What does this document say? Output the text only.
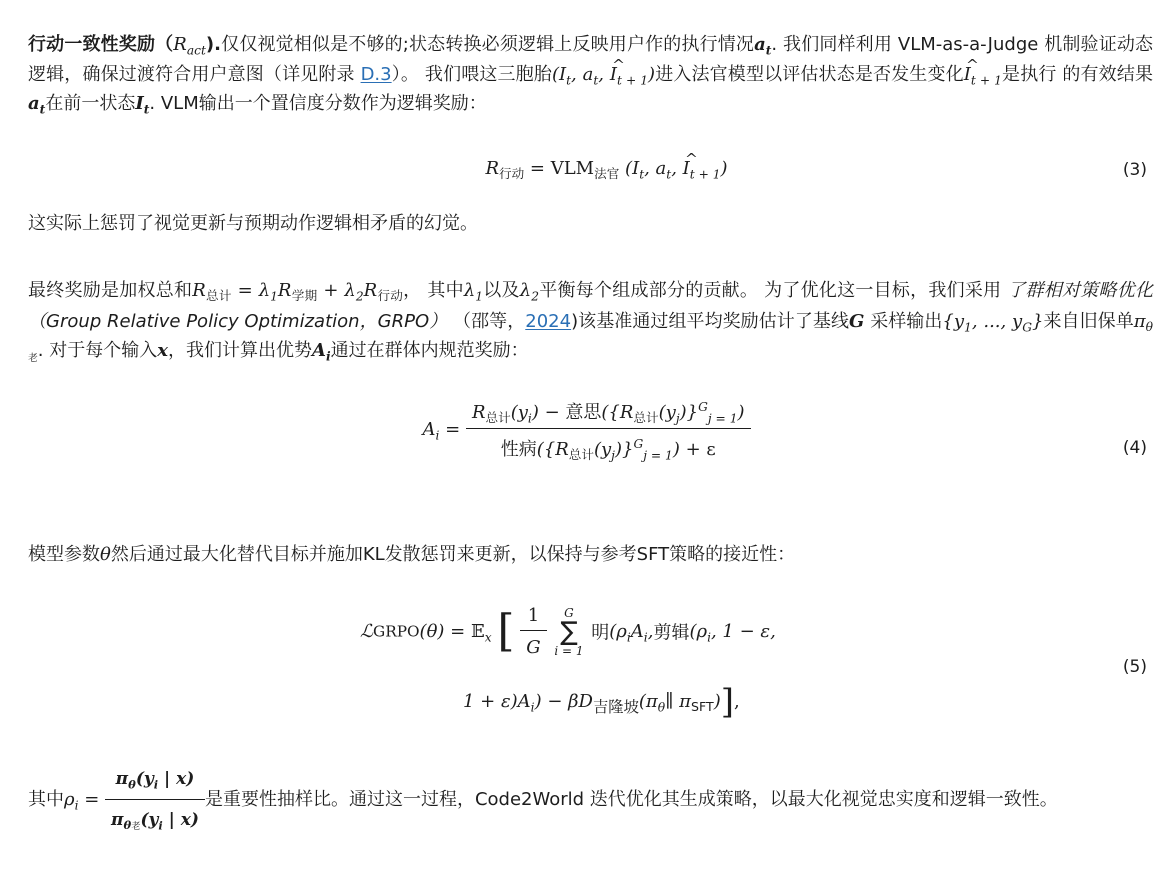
行动一致性奖励$(R_{act})$.仅仅视觉相似是不够的;状态转换必须逻辑上反映用户作的执行情况$a_t$. 我们同样利用 VLM-as-a-Judge 机制验证动态逻辑，确保过渡符合用户意图（详见附录 D.3）。 我们喂这三胞胎($I_t$, $a_t$, ^ $I_{t + 1}$)进入法官模型以评估状态是否发生变化^ $I_{t + 1}$是执行 的有效结果$a_t$在前一状态$I_t$. VLM输出一个置信度分数作为逻辑奖励：

$R_{行动} = VLM_{法官}$ ($I_t$, $a_t$, ^ $I_{t + 1}$)	(3)

这实际上惩罚了视觉更新与预期动作逻辑相矛盾的幻觉。

最终奖励是加权总和$R_{总计} = \lambda_1R_{学期} + \lambda_2R_{行动}$， 其中$\lambda_1$以及$\lambda_2$平衡每个组成部分的贡献。 为了优化这一目标，我们采用 了群相对策略优化（Group Relative Policy Optimization，GRPO） （邵等，2024)该基准通过组平均奖励估计了基线G 采样输出{$y_1$, ..., $y_G$}来自旧保单$\pi_{\theta 老}$. 对于每个输入x，我们计算出优势$A_i$通过在群体内规范奖励：

$A_i = \frac{R_{总计}(y_i) - 意思(\{R_{总计}(y_j)\}^G_{j = 1})}{性病(\{R_{总计}(y_j)\}^G_{j = 1}) + \varepsilon}$	(4)

模型参数θ然后通过最大化替代目标并施加KL发散惩罚来更新，以保持与参考SFT策略的接近性：

ℒGRPO(θ) = 𝔼$_x$ [ $\frac{1}{G}$
	G
∑
i = 1
明($\rho_iA_i$,剪辑($\rho_i$, 1 − ε,
$1 + \varepsilon)A_i) - \beta D$吉隆坡($\pi_\theta\parallel$ $\pi_{SFT}$)],
(5)
其中$\rho_i = \frac{\pi_\theta(y_i | x)}{\pi_{\theta 老}(y_i | x)}$ 是重要性抽样比。通过这一过程，Code2World 迭代优化其生成策略，以最大化视觉忠实度和逻辑一致性。
